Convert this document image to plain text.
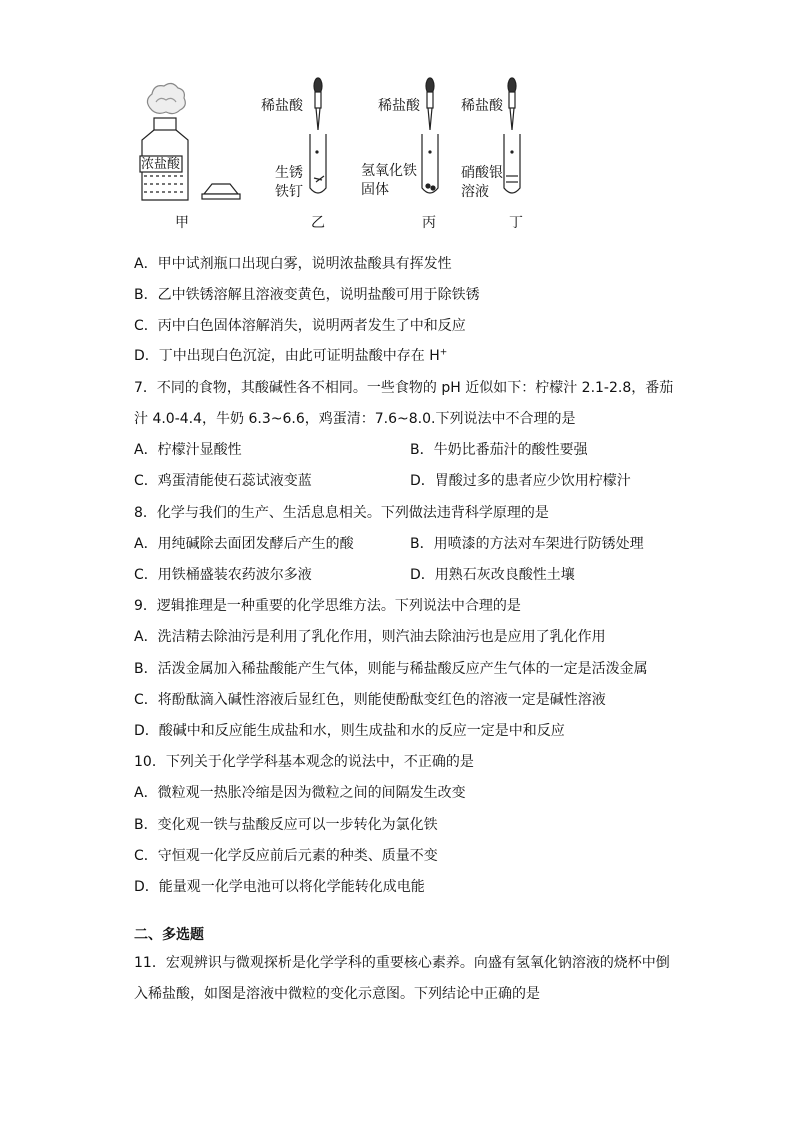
浓盐酸
稀盐酸	稀盐酸	稀盐酸
生锈
铁钉
氢氧化铁
固体
硝酸银
溶液
甲	乙	丙	丁
A．甲中试剂瓶口出现白雾，说明浓盐酸具有挥发性
B．乙中铁锈溶解且溶液变黄色，说明盐酸可用于除铁锈
C．丙中白色固体溶解消失，说明两者发生了中和反应
D．丁中出现白色沉淀，由此可证明盐酸中存在 H+
7．不同的食物，其酸碱性各不相同。一些食物的 pH 近似如下：柠檬汁 2.1-2.8，番茄
汁 4.0-4.4，牛奶 6.3~6.6，鸡蛋清：7.6~8.0.下列说法中不合理的是
A．柠檬汁显酸性	B．牛奶比番茄汁的酸性要强
C．鸡蛋清能使石蕊试液变蓝	D．胃酸过多的患者应少饮用柠檬汁
8．化学与我们的生产、生活息息相关。下列做法违背科学原理的是
A．用纯碱除去面团发酵后产生的酸	B．用喷漆的方法对车架进行防锈处理
C．用铁桶盛装农药波尔多液	D．用熟石灰改良酸性土壤
9．逻辑推理是一种重要的化学思维方法。下列说法中合理的是
A．洗洁精去除油污是利用了乳化作用，则汽油去除油污也是应用了乳化作用
B．活泼金属加入稀盐酸能产生气体，则能与稀盐酸反应产生气体的一定是活泼金属
C．将酚酞滴入碱性溶液后显红色，则能使酚酞变红色的溶液一定是碱性溶液
D．酸碱中和反应能生成盐和水，则生成盐和水的反应一定是中和反应
10．下列关于化学学科基本观念的说法中，不正确的是
A．微粒观一热胀冷缩是因为微粒之间的间隔发生改变
B．变化观一铁与盐酸反应可以一步转化为氯化铁
C．守恒观一化学反应前后元素的种类、质量不变
D．能量观一化学电池可以将化学能转化成电能
二、多选题
11．宏观辨识与微观探析是化学学科的重要核心素养。向盛有氢氧化钠溶液的烧杯中倒
入稀盐酸，如图是溶液中微粒的变化示意图。下列结论中正确的是
